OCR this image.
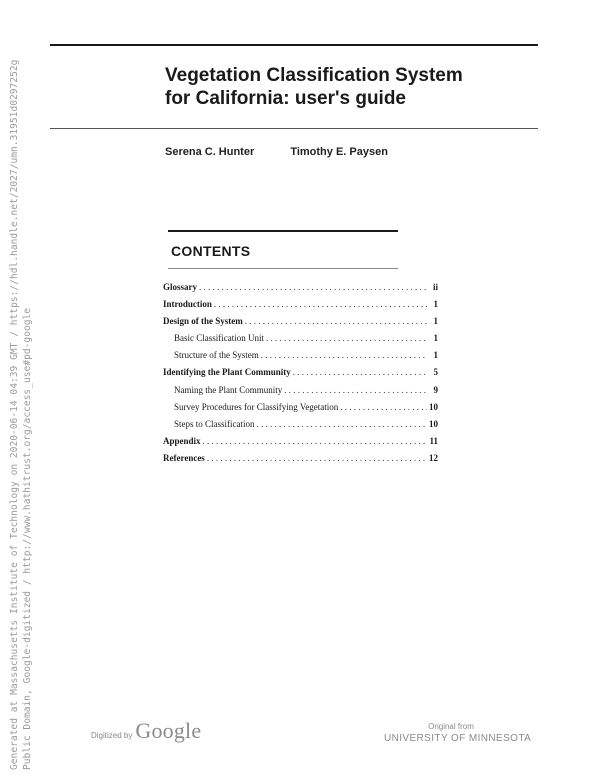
Vegetation Classification System
for California: user's guide
Serena C. Hunter	Timothy E. Paysen
CONTENTS
Glossary . . .	ii
Introduction . . .	1
Design of the System . . .	1
Basic Classification Unit . . .	1
Structure of the System . . .	1
Identifying the Plant Community . . .	5
Naming the Plant Community . . .	9
Survey Procedures for Classifying Vegetation . . .	10
Steps to Classification . . .	10
Appendix . . .	11
References . . .	12
Generated at Massachusetts Institute of Technology on 2020-06-14 04:39 GMT / https://hdl.handle.net/2027/umn.31951d0297252g Public Domain, Google-digitized / http://www.hathitrust.org/access_use#pd-google	Digitized by Google	Original from
UNIVERSITY OF MINNESOTA
